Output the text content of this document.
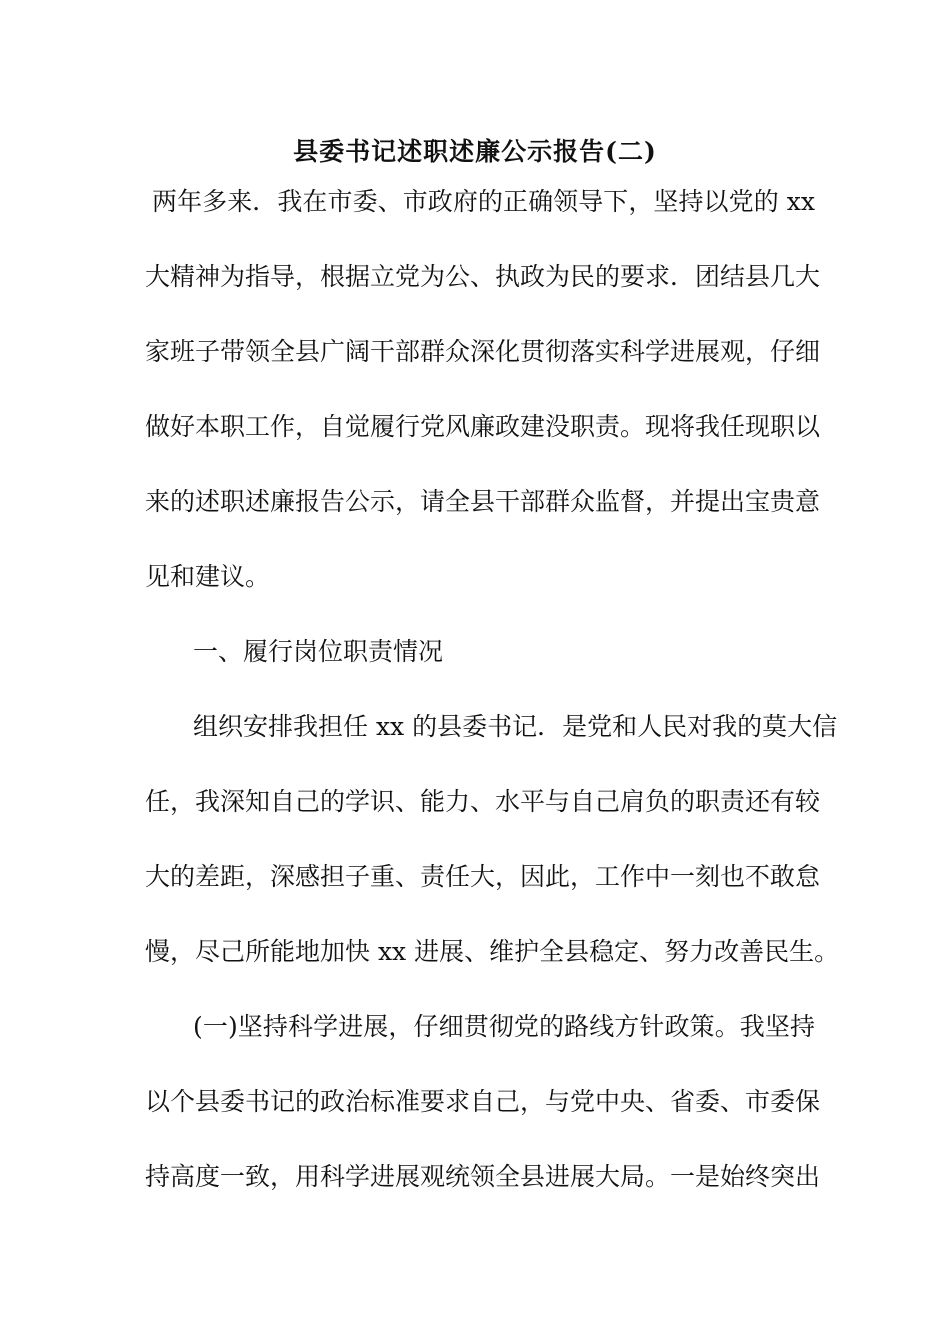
县委书记述职述廉公示报告(二)
两年多来．我在市委、市政府的正确领导下，坚持以党的 xx
大精神为指导，根据立党为公、执政为民的要求．团结县几大
家班子带领全县广阔干部群众深化贯彻落实科学进展观，仔细
做好本职工作，自觉履行党风廉政建没职责。现将我任现职以
来的述职述廉报告公示，请全县干部群众监督，并提出宝贵意
见和建议。
一、履行岗位职责情况
组织安排我担任 xx 的县委书记．是党和人民对我的莫大信
任，我深知自己的学识、能力、水平与自己肩负的职责还有较
大的差距，深感担子重、责任大，因此，工作中一刻也不敢怠
慢，尽己所能地加快 xx 进展、维护全县稳定、努力改善民生。
(一)坚持科学进展，仔细贯彻党的路线方针政策。我坚持
以个县委书记的政治标准要求自己，与党中央、省委、市委保
持高度一致，用科学进展观统领全县进展大局。一是始终突出
